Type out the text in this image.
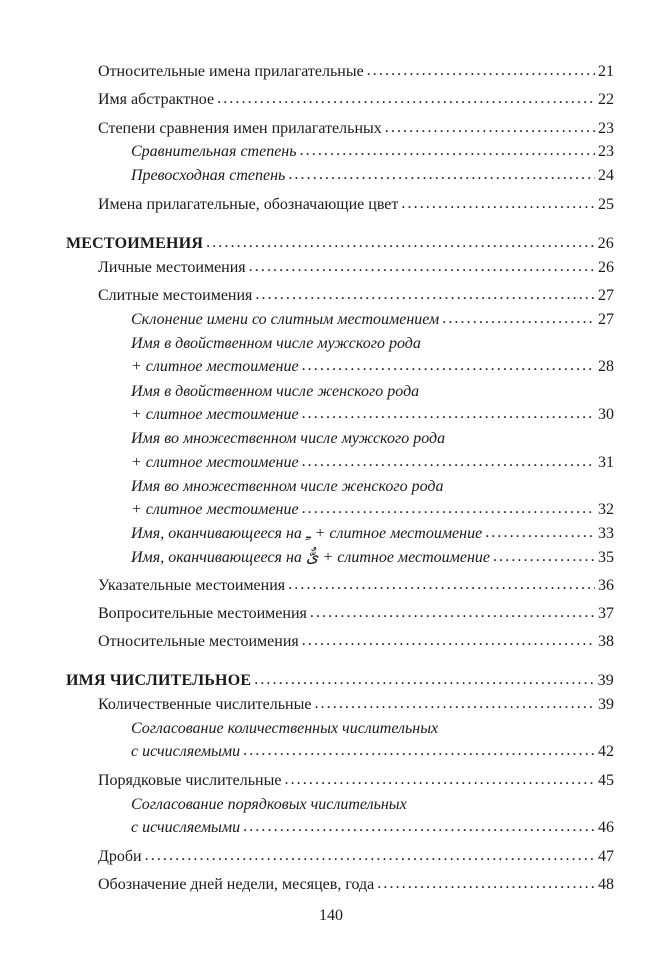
Относительные имена прилагательные .....	21
Имя абстрактное .....	22
Степени сравнения имен прилагательных .....	23
Сравнительная степень .....	23
Превосходная степень .....	24
Имена прилагательные, обозначающие цвет .....	25
МЕСТОИМЕНИЯ .....	26
Личные местоимения .....	26
Слитные местоимения .....	27
Склонение имени со слитным местоимением .....	27
Имя в двойственном числе мужского рода
+ слитное местоимение .....	28
Имя в двойственном числе женского рода
+ слитное местоимение .....	30
Имя во множественном числе мужского рода
+ слитное местоимение .....	31
Имя во множественном числе женского рода
+ слитное местоимение .....	32
Имя, оканчивающееся на ـِ + слитное местоимение .....	33
Имя, оканчивающееся на ىٌّ + слитное местоимение .....	35
Указательные местоимения .....	36
Вопросительные местоимения .....	37
Относительные местоимения .....	38
ИМЯ ЧИСЛИТЕЛЬНОЕ .....	39
Количественные числительные .....	39
Согласование количественных числительных
с исчисляемыми .....	42
Порядковые числительные .....	45
Согласование порядковых числительных
с исчисляемыми .....	46
Дроби .....	47
Обозначение дней недели, месяцев, года .....	48
140
